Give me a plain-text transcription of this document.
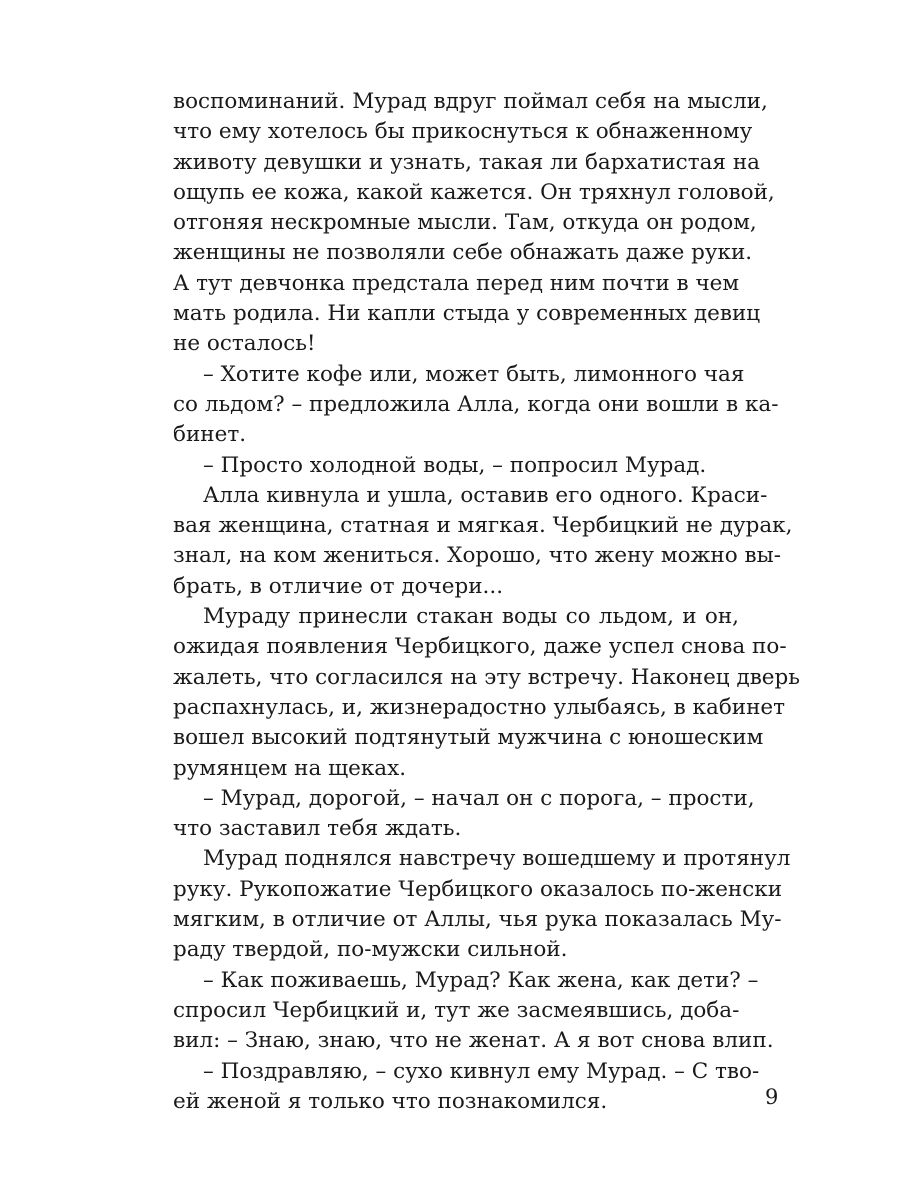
воспоминаний. Мурад вдруг поймал себя на мысли,
что ему хотелось бы прикоснуться к обнаженному
животу девушки и узнать, такая ли бархатистая на
ощупь ее кожа, какой кажется. Он тряхнул головой,
отгоняя нескромные мысли. Там, откуда он родом,
женщины не позволяли себе обнажать даже руки.
А тут девчонка предстала перед ним почти в чем
мать родила. Ни капли стыда у современных девиц
не осталось!
– Хотите кофе или, может быть, лимонного чая
со льдом? – предложила Алла, когда они вошли в ка-
бинет.
– Просто холодной воды, – попросил Мурад.
Алла кивнула и ушла, оставив его одного. Краси-
вая женщина, статная и мягкая. Чербицкий не дурак,
знал, на ком жениться. Хорошо, что жену можно вы-
брать, в отличие от дочери...
Мураду принесли стакан воды со льдом, и он,
ожидая появления Чербицкого, даже успел снова по-
жалеть, что согласился на эту встречу. Наконец дверь
распахнулась, и, жизнерадостно улыбаясь, в кабинет
вошел высокий подтянутый мужчина с юношеским
румянцем на щеках.
– Мурад, дорогой, – начал он с порога, – прости,
что заставил тебя ждать.
Мурад поднялся навстречу вошедшему и протянул
руку. Рукопожатие Чербицкого оказалось по-женски
мягким, в отличие от Аллы, чья рука показалась Му-
раду твердой, по-мужски сильной.
– Как поживаешь, Мурад? Как жена, как дети? –
спросил Чербицкий и, тут же засмеявшись, доба-
вил: – Знаю, знаю, что не женат. А я вот снова влип.
– Поздравляю, – сухо кивнул ему Мурад. – С тво-
ей женой я только что познакомился.	9
